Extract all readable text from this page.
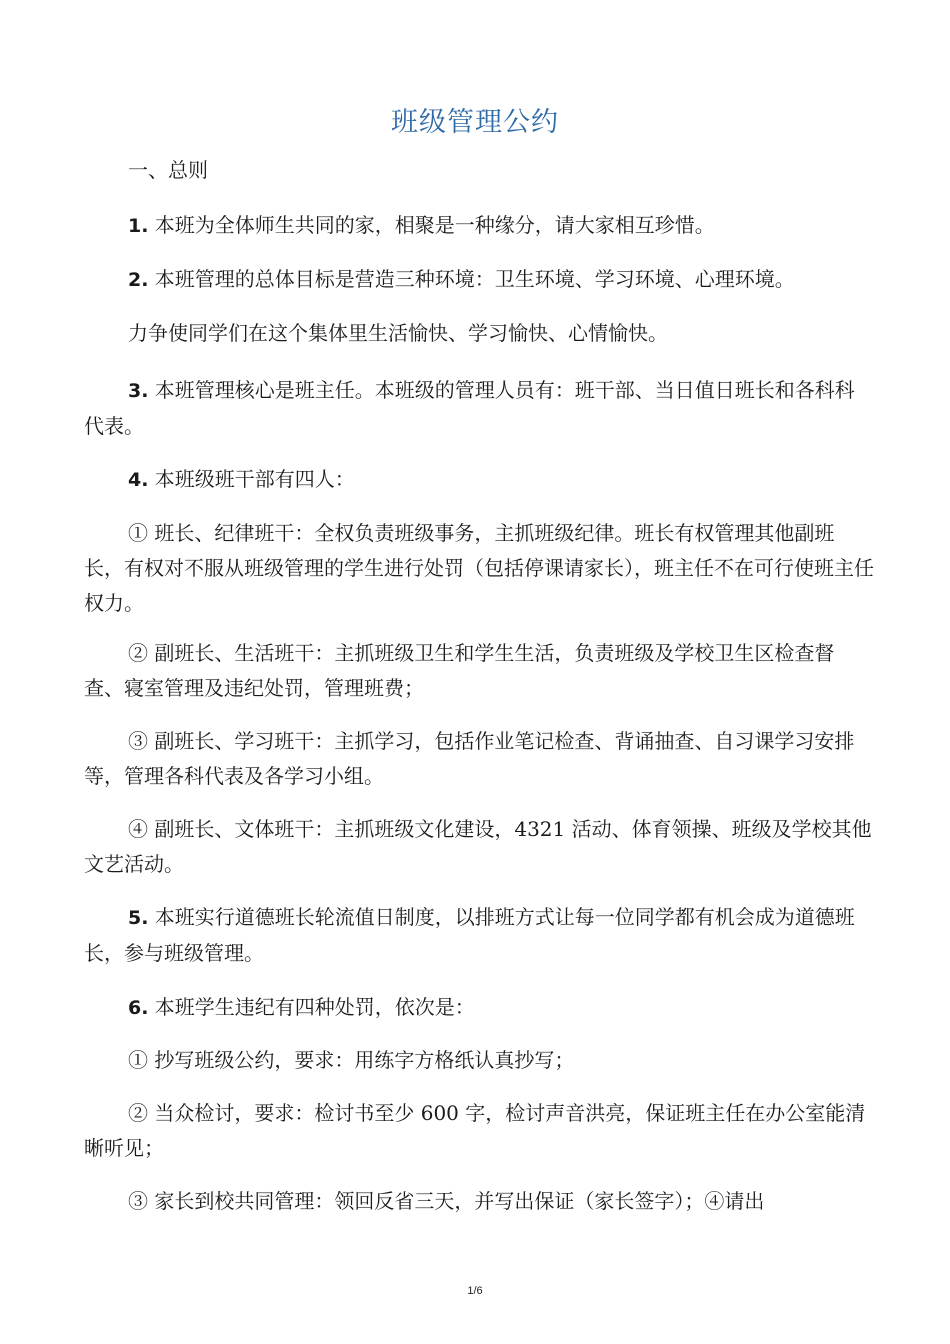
班级管理公约

一、总则

1. 本班为全体师生共同的家，相聚是一种缘分，请大家相互珍惜。

2. 本班管理的总体目标是营造三种环境：卫生环境、学习环境、心理环境。

力争使同学们在这个集体里生活愉快、学习愉快、心情愉快。

3. 本班管理核心是班主任。本班级的管理人员有：班干部、当日值日班长和各科科代表。

4. 本班级班干部有四人：

① 班长、纪律班干：全权负责班级事务，主抓班级纪律。班长有权管理其他副班长，有权对不服从班级管理的学生进行处罚（包括停课请家长），班主任不在可行使班主任权力。

② 副班长、生活班干：主抓班级卫生和学生生活，负责班级及学校卫生区检查督查、寝室管理及违纪处罚，管理班费；

③ 副班长、学习班干：主抓学习，包括作业笔记检查、背诵抽查、自习课学习安排等，管理各科代表及各学习小组。

④ 副班长、文体班干：主抓班级文化建设，4321 活动、体育领操、班级及学校其他文艺活动。

5. 本班实行道德班长轮流值日制度，以排班方式让每一位同学都有机会成为道德班长，参与班级管理。

6. 本班学生违纪有四种处罚，依次是：

① 抄写班级公约，要求：用练字方格纸认真抄写；

② 当众检讨，要求：检讨书至少 600 字，检讨声音洪亮，保证班主任在办公室能清晰听见；

③ 家长到校共同管理：领回反省三天，并写出保证（家长签字）；④请出

1/6
